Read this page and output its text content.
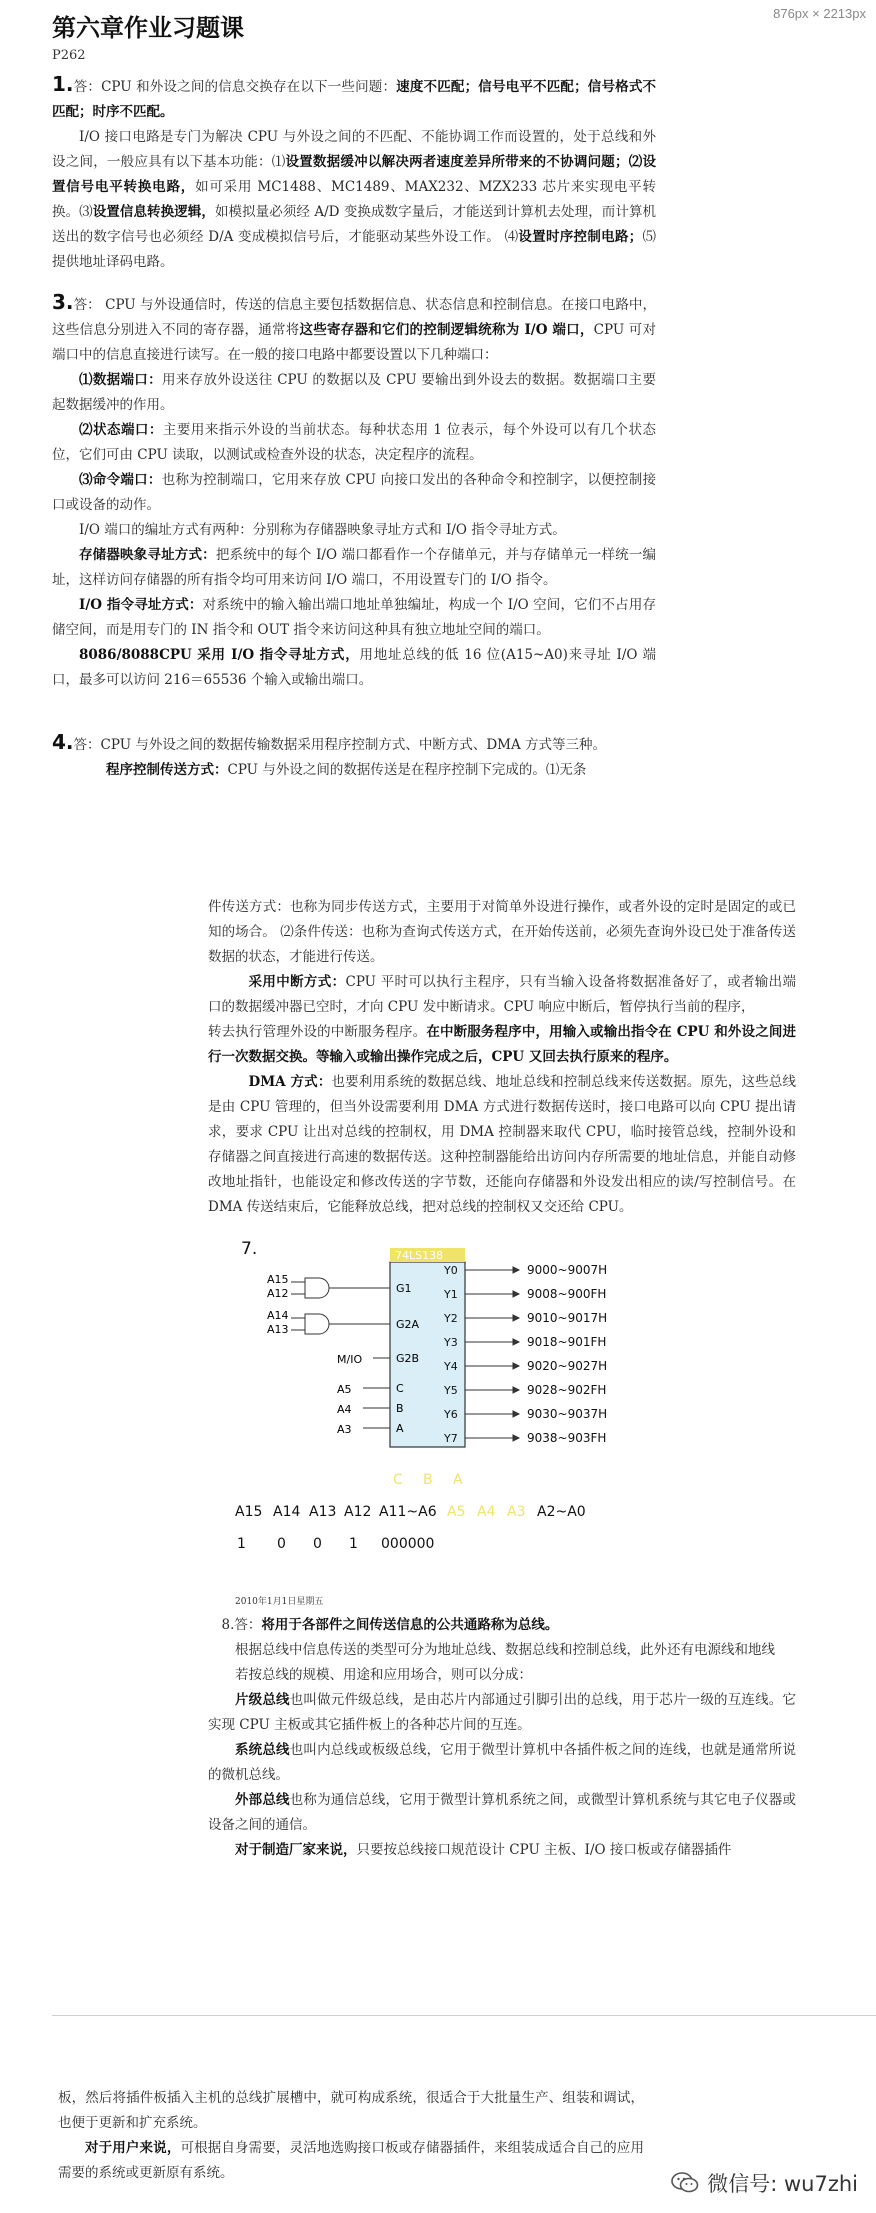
876px × 2213px
第六章作业习题课
P262

1.答：CPU 和外设之间的信息交换存在以下一些问题：速度不匹配；信号电平不匹配；信号格式不匹配；时序不匹配。

I/O 接口电路是专门为解决 CPU 与外设之间的不匹配、不能协调工作而设置的，处于总线和外设之间，一般应具有以下基本功能：⑴设置数据缓冲以解决两者速度差异所带来的不协调问题；⑵设置信号电平转换电路，如可采用 MC1488、MC1489、MAX232、MZX233 芯片来实现电平转换。⑶设置信息转换逻辑，如模拟量必须经 A/D 变换成数字量后，才能送到计算机去处理，而计算机送出的数字信号也必须经 D/A 变成模拟信号后，才能驱动某些外设工作。 ⑷设置时序控制电路；⑸提供地址译码电路。

3.答： CPU 与外设通信时，传送的信息主要包括数据信息、状态信息和控制信息。在接口电路中，这些信息分别进入不同的寄存器，通常将这些寄存器和它们的控制逻辑统称为 I/O 端口，CPU 可对端口中的信息直接进行读写。在一般的接口电路中都要设置以下几种端口：

⑴数据端口：用来存放外设送往 CPU 的数据以及 CPU 要输出到外设去的数据。数据端口主要起数据缓冲的作用。

⑵状态端口：主要用来指示外设的当前状态。每种状态用 1 位表示，每个外设可以有几个状态位，它们可由 CPU 读取，以测试或检查外设的状态，决定程序的流程。

⑶命令端口：也称为控制端口，它用来存放 CPU 向接口发出的各种命令和控制字，以便控制接口或设备的动作。

I/O 端口的编址方式有两种：分别称为存储器映象寻址方式和 I/O 指令寻址方式。

存储器映象寻址方式：把系统中的每个 I/O 端口都看作一个存储单元，并与存储单元一样统一编址，这样访问存储器的所有指令均可用来访问 I/O 端口，不用设置专门的 I/O 指令。

I/O 指令寻址方式：对系统中的输入输出端口地址单独编址，构成一个 I/O 空间，它们不占用存储空间，而是用专门的 IN 指令和 OUT 指令来访问这种具有独立地址空间的端口。

8086/8088CPU 采用 I/O 指令寻址方式，用地址总线的低 16 位(A15~A0)来寻址 I/O 端口，最多可以访问 216＝65536 个输入或输出端口。

4.答：CPU 与外设之间的数据传输数据采用程序控制方式、中断方式、DMA 方式等三种。

程序控制传送方式：CPU 与外设之间的数据传送是在程序控制下完成的。⑴无条

件传送方式：也称为同步传送方式，主要用于对简单外设进行操作，或者外设的定时是固定的或已知的场合。 ⑵条件传送：也称为查询式传送方式，在开始传送前，必须先查询外设已处于准备传送数据的状态，才能进行传送。

采用中断方式：CPU 平时可以执行主程序，只有当输入设备将数据准备好了，或者输出端口的数据缓冲器已空时，才向 CPU 发中断请求。CPU 响应中断后，暂停执行当前的程序，

转去执行管理外设的中断服务程序。在中断服务程序中，用输入或输出指令在 CPU 和外设之间进行一次数据交换。等输入或输出操作完成之后，CPU 又回去执行原来的程序。

DMA 方式：也要利用系统的数据总线、地址总线和控制总线来传送数据。原先，这些总线是由 CPU 管理的，但当外设需要利用 DMA 方式进行数据传送时，接口电路可以向 CPU 提出请求，要求 CPU 让出对总线的控制权，用 DMA 控制器来取代 CPU，临时接管总线，控制外设和存储器之间直接进行高速的数据传送。这种控制器能给出访问内存所需要的地址信息，并能自动修改地址指针，也能设定和修改传送的字节数，还能向存储器和外设发出相应的读/写控制信号。在 DMA 传送结束后，它能释放总线，把对总线的控制权又交还给 CPU。

7.	74LS138
A15
A12
A14
A13
M/IO
A5
A4
A3
G1
G2A
G2B
C
B
A
Y0
Y1
Y2
Y3
Y4
Y5
Y6
Y7
9000~9007H
9008~900FH
9010~9017H
9018~901FH
9020~9027H
9028~902FH
9030~9037H
9038~903FH
C B A
A15 A14 A13 A12 A11~A6 A5 A4 A3 A2~A0
1 0 0 1 000000
2010年1月1日星期五

8.答：将用于各部件之间传送信息的公共通路称为总线。

根据总线中信息传送的类型可分为地址总线、数据总线和控制总线，此外还有电源线和地线

若按总线的规模、用途和应用场合，则可以分成：

片级总线也叫做元件级总线，是由芯片内部通过引脚引出的总线，用于芯片一级的互连线。它实现 CPU 主板或其它插件板上的各种芯片间的互连。

系统总线也叫内总线或板级总线，它用于微型计算机中各插件板之间的连线，也就是通常所说的微机总线。

外部总线也称为通信总线，它用于微型计算机系统之间，或微型计算机系统与其它电子仪器或设备之间的通信。

对于制造厂家来说，只要按总线接口规范设计 CPU 主板、I/O 接口板或存储器插件

板，然后将插件板插入主机的总线扩展槽中，就可构成系统，很适合于大批量生产、组装和调试，也便于更新和扩充系统。

对于用户来说，可根据自身需要，灵活地选购接口板或存储器插件，来组装成适合自己的应用需要的系统或更新原有系统。	微信号: wu7zhi
